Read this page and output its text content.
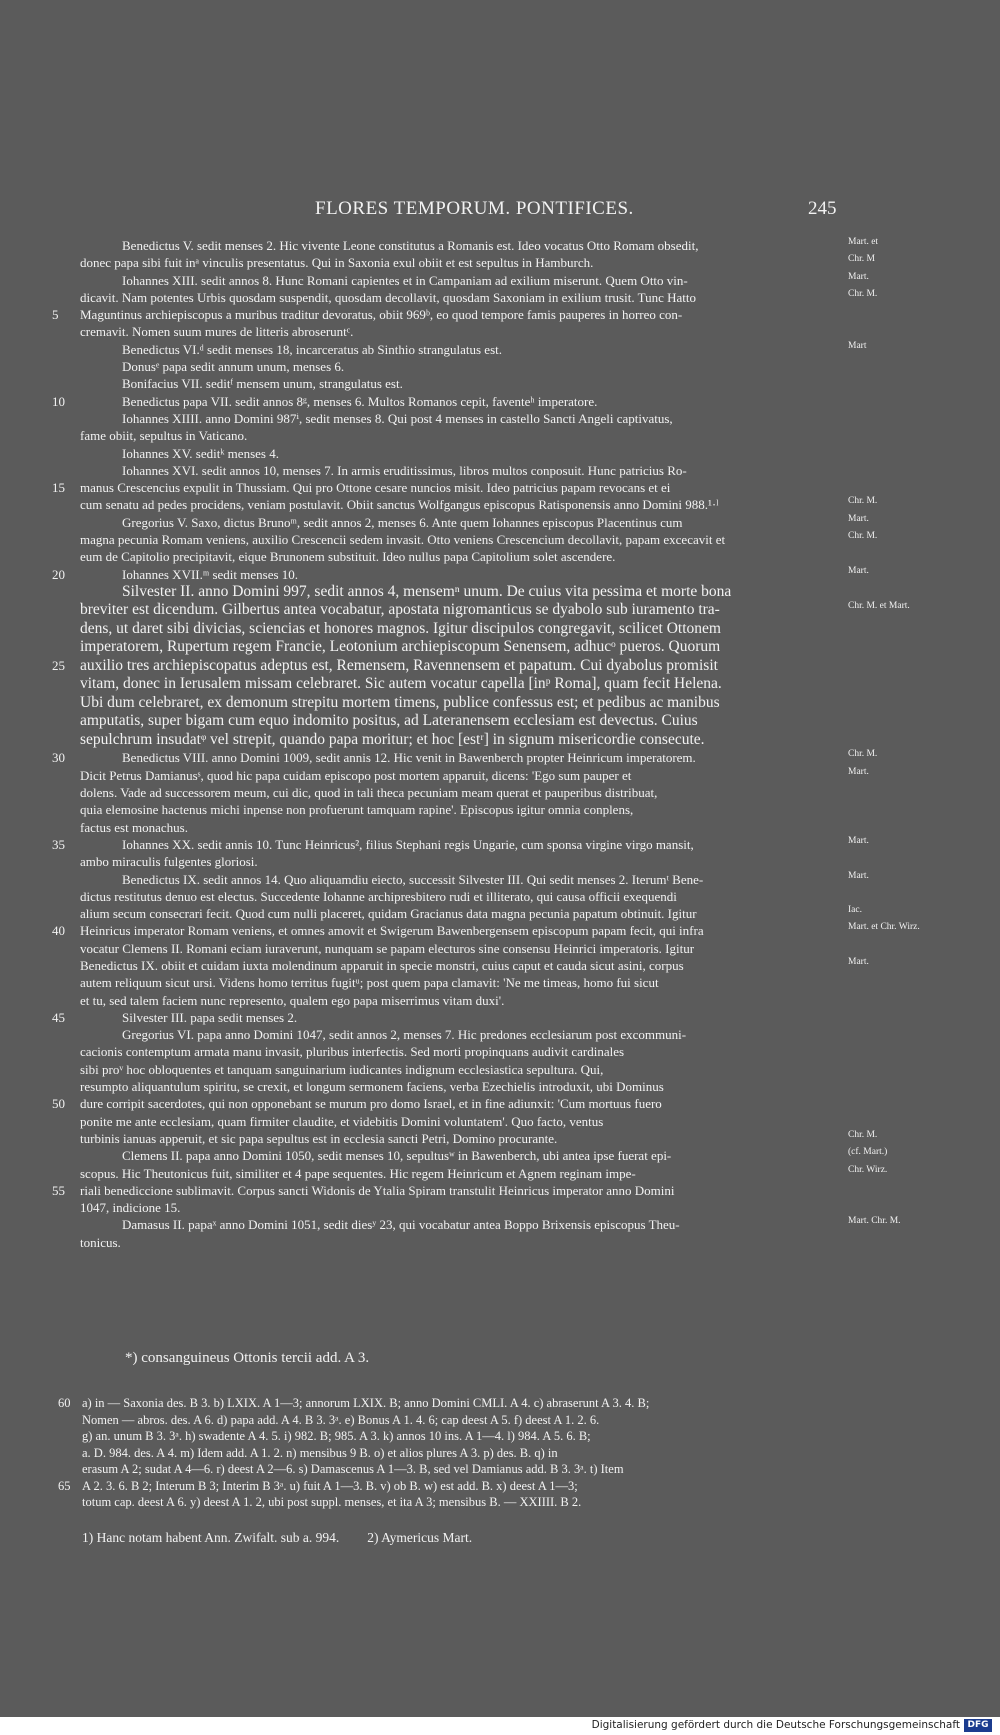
FLORES TEMPORUM. PONTIFICES.	245
Benedictus V. sedit menses 2. Hic vivente Leone constitutus a Romanis est. Ideo vocatus Otto Romam obsedit,	Mart. et
donec papa sibi fuit inᵃ vinculis presentatus. Qui in Saxonia exul obiit et est sepultus in Hamburch.	Chr. M
Iohannes XIII. sedit annos 8. Hunc Romani capientes et in Campaniam ad exilium miserunt. Quem Otto vin-	Mart.
dicavit. Nam potentes Urbis quosdam suspendit, quosdam decollavit, quosdam Saxoniam in exilium trusit. Tunc Hatto	Chr. M.
5 Maguntinus archiepiscopus a muribus traditur devoratus, obiit 969ᵇ, eo quod tempore famis pauperes in horreo con-
cremavit. Nomen suum mures de litteris abroseruntᶜ.
Benedictus VI.ᵈ sedit menses 18, incarceratus ab Sinthio strangulatus est.	Mart
Donusᵉ papa sedit annum unum, menses 6.
Bonifacius VII. seditᶠ mensem unum, strangulatus est.
10	Benedictus papa VII. sedit annos 8ᵍ, menses 6. Multos Romanos cepit, faventeʰ imperatore.
Iohannes XIIII. anno Domini 987ⁱ, sedit menses 8. Qui post 4 menses in castello Sancti Angeli captivatus,
fame obiit, sepultus in Vaticano.
Iohannes XV. seditᵏ menses 4.
Iohannes XVI. sedit annos 10, menses 7. In armis eruditissimus, libros multos conposuit. Hunc patricius Ro-
15 manus Crescencius expulit in Thussiam. Qui pro Ottone cesare nuncios misit. Ideo patricius papam revocans et ei
cum senatu ad pedes procidens, veniam postulavit. Obiit sanctus Wolfgangus episcopus Ratisponensis anno Domini 988.¹·ˡ	Chr. M.
Gregorius V. Saxo, dictus Brunoᵐ, sedit annos 2, menses 6. Ante quem Iohannes episcopus Placentinus cum	Mart.
magna pecunia Romam veniens, auxilio Crescencii sedem invasit. Otto veniens Crescencium decollavit, papam excecavit et	Chr. M.
eum de Capitolio precipitavit, eique Brunonem substituit. Ideo nullus papa Capitolium solet ascendere.
20	Iohannes XVII.ᵐ sedit menses 10.	Mart.
Silvester II. anno Domini 997, sedit annos 4, mensemⁿ unum. De cuius vita pessima et morte bona
breviter est dicendum. Gilbertus antea vocabatur, apostata nigromanticus se dyabolo sub iuramento tra-	Chr. M. et Mart.
dens, ut daret sibi divicias, sciencias et honores magnos. Igitur discipulos congregavit, scilicet Ottonem
imperatorem, Rupertum regem Francie, Leotonium archiepiscopum Senensem, adhucᵒ pueros. Quorum
25 auxilio tres archiepiscopatus adeptus est, Remensem, Ravennensem et papatum. Cui dyabolus promisit
vitam, donec in Ierusalem missam celebraret. Sic autem vocatur capella [inᵖ Roma], quam fecit Helena.
Ubi dum celebraret, ex demonum strepitu mortem timens, publice confessus est; et pedibus ac manibus
amputatis, super bigam cum equo indomito positus, ad Lateranensem ecclesiam est devectus. Cuius
sepulchrum insudatᵠ vel strepit, quando papa moritur; et hoc [estʳ] in signum misericordie consecute.
30	Benedictus VIII. anno Domini 1009, sedit annis 12. Hic venit in Bawenberch propter Heinricum imperatorem.	Chr. M.
Dicit Petrus Damianusˢ, quod hic papa cuidam episcopo post mortem apparuit, dicens: 'Ego sum pauper et	Mart.
dolens. Vade ad successorem meum, cui dic, quod in tali theca pecuniam meam querat et pauperibus distribuat,
quia elemosine hactenus michi inpense non profuerunt tamquam rapine'. Episcopus igitur omnia conplens,
factus est monachus.
35	Iohannes XX. sedit annis 10. Tunc Heinricus², filius Stephani regis Ungarie, cum sponsa virgine virgo mansit,	Mart.
ambo miraculis fulgentes gloriosi.
Benedictus IX. sedit annos 14. Quo aliquamdiu eiecto, successit Silvester III. Qui sedit menses 2. Iterumᵗ Bene-	Mart.
dictus restitutus denuo est electus. Succedente Iohanne archipresbitero rudi et illiterato, qui causa officii exequendi
alium secum consecrari fecit. Quod cum nulli placeret, quidam Gracianus data magna pecunia papatum obtinuit. Igitur	Iac.
40 Heinricus imperator Romam veniens, et omnes amovit et Swigerum Bawenbergensem episcopum papam fecit, qui infra	Mart. et Chr. Wirz.
vocatur Clemens II. Romani eciam iuraverunt, nunquam se papam electuros sine consensu Heinrici imperatoris. Igitur
Benedictus IX. obiit et cuidam iuxta molendinum apparuit in specie monstri, cuius caput et cauda sicut asini, corpus	Mart.
autem reliquum sicut ursi. Videns homo territus fugitᵘ; post quem papa clamavit: 'Ne me timeas, homo fui sicut
et tu, sed talem faciem nunc represento, qualem ego papa miserrimus vitam duxi'.
45	Silvester III. papa sedit menses 2.
Gregorius VI. papa anno Domini 1047, sedit annos 2, menses 7. Hic predones ecclesiarum post excommuni-
cacionis contemptum armata manu invasit, pluribus interfectis. Sed morti propinquans audivit cardinales
sibi proᵛ hoc obloquentes et tanquam sanguinarium iudicantes indignum ecclesiastica sepultura. Qui,
resumpto aliquantulum spiritu, se crexit, et longum sermonem faciens, verba Ezechielis introduxit, ubi Dominus
50 dure corripit sacerdotes, qui non opponebant se murum pro domo Israel, et in fine adiunxit: 'Cum mortuus fuero
ponite me ante ecclesiam, quam firmiter claudite, et videbitis Domini voluntatem'. Quo facto, ventus
turbinis ianuas apperuit, et sic papa sepultus est in ecclesia sancti Petri, Domino procurante.	Chr. M.
Clemens II. papa anno Domini 1050, sedit menses 10, sepultusʷ in Bawenberch, ubi antea ipse fuerat epi-	(cf. Mart.)
scopus. Hic Theutonicus fuit, similiter et 4 pape sequentes. Hic regem Heinricum et Agnem reginam impe-	Chr. Wirz.
55 riali benediccione sublimavit. Corpus sancti Widonis de Ytalia Spiram transtulit Heinricus imperator anno Domini
1047, indicione 15.
Damasus II. papaˣ anno Domini 1051, sedit diesʸ 23, qui vocabatur antea Boppo Brixensis episcopus Theu-	Mart. Chr. M.
tonicus.
*) consanguineus Ottonis tercii add. A 3.
60 a) in — Saxonia des. B 3. b) LXIX. A 1—3; annorum LXIX. B; anno Domini CMLI. A 4. c) abraserunt A 3. 4. B;
Nomen — abros. des. A 6. d) papa add. A 4. B 3. 3ᵃ. e) Bonus A 1. 4. 6; cap deest A 5. f) deest A 1. 2. 6.
g) an. unum B 3. 3ᵃ. h) swadente A 4. 5. i) 982. B; 985. A 3. k) annos 10 ins. A 1—4. l) 984. A 5. 6. B;
a. D. 984. des. A 4. m) Idem add. A 1. 2. n) mensibus 9 B. o) et alios plures A 3. p) des. B. q) in
erasum A 2; sudat A 4—6. r) deest A 2—6. s) Damascenus A 1—3. B, sed vel Damianus add. B 3. 3ᵃ. t) Item
65 A 2. 3. 6. B 2; Interum B 3; Interim B 3ᵃ. u) fuit A 1—3. B. v) ob B. w) est add. B. x) deest A 1—3;
totum cap. deest A 6. y) deest A 1. 2, ubi post suppl. menses, et ita A 3; mensibus B. — XXIIII. B 2.
1) Hanc notam habent Ann. Zwifalt. sub a. 994. 2) Aymericus Mart.
Digitalisierung gefördert durch die Deutsche Forschungsgemeinschaft DFG
